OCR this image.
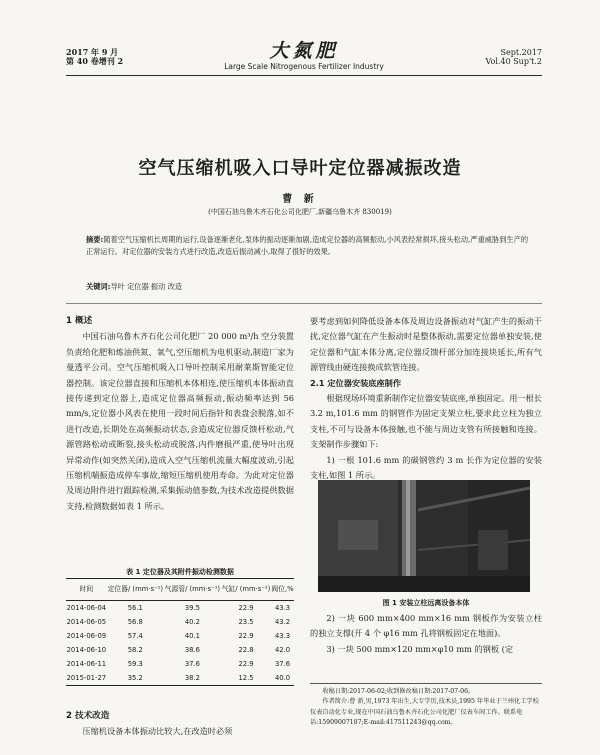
2017 年 9 月
第 40 卷增刊 2	大氮肥
Large Scale Nitrogenous Fertilizer Industry
Sept.2017
Vol.40 Sup't.2
空气压缩机吸入口导叶定位器减振改造
曹 新
(中国石油乌鲁木齐石化公司化肥厂,新疆乌鲁木齐 830019)
摘要:随着空气压缩机长周期的运行,设备逐渐老化,泵体的振动逐渐加剧,造成定位器的高频振动,小风表经常损坏,接头松动,严重威胁到生产的正常运行。对定位器的安装方式进行改造,改造后振动减小,取得了很好的效果。
关键词:导叶 定位器 振动 改造
1 概述
中国石油乌鲁木齐石化公司化肥厂 20 000 m³/h 空分装置负责给化肥和炼油供氮、氧气,空压缩机为电机驱动,制造厂家为曼透平公司。空气压缩机吸入口导叶控制采用耐莱斯智能定位器控制。该定位器直接和压缩机本体相连,使压缩机本体振动直接传递到定位器上,造成定位器高频振动,振动频率达到 56 mm/s,定位器小风表在使用一段时间后指针和表盘会脱落,如不进行改造,长期处在高频振动状态,会造成定位器反馈杆松动,气源管路松动或断裂,接头松动或脱落,内件磨损严重,使导叶出现异常动作(如突然关闭),造成入空气压缩机流量大幅度波动,引起压缩机喘振造成停车事故,缩短压缩机使用寿命。为此对定位器及周边附件进行跟踪检测,采集振动值参数,为技术改造提供数据支持,检测数据如表 1 所示。
表 1 定位器及其附件振动检测数据
时间	定位器/ (mm·s⁻¹)	气源管/ (mm·s⁻¹)	气缸/ (mm·s⁻¹)	阀位,%
2014-06-04	56.1	39.5	22.9	43.3
2014-06-05	56.8	40.2	23.5	43.2
2014-06-09	57.4	40.1	22.9	43.3
2014-06-10	58.2	38.6	22.8	42.0
2014-06-11	59.3	37.6	22.9	37.6
2015-01-27	35.2	38.2	12.5	40.0
2 技术改造
压缩机设备本体振动比较大,在改造时必须
要考虑到如何降低设备本体及周边设备振动对气缸产生的振动干扰,定位器气缸在产生振动时是整体振动,需要定位器单独安装,使定位器和气缸本体分离,定位器反馈杆部分加连接块延长,所有气源管线由硬连接换成软管连接。
2.1 定位器安装底座制作
根据现场环境重新制作定位器安装底座,单独固定。用一根长 3.2 m,101.6 mm 的钢管作为固定支架立柱,要求此立柱为独立支柱,不可与设备本体接触,也不能与周边支管有所接触和连接。支架制作步骤如下:
1) 一根 101.6 mm 的碳钢管约 3 m 长作为定位器的安装支柱,如图 1 所示。
图 1 安装立柱远离设备本体
2) 一块 600 mm×400 mm×16 mm 钢板作为安装立柱的独立支撑(开 4 个 φ16 mm 孔将钢板固定在地面)。
3) 一块 500 mm×120 mm×φ10 mm 的钢板 (定
收稿日期:2017-06-02;收到修改稿日期:2017-07-06。
作者简介:曹 新,男,1973 年出生,大专学历,技术员,1995 年毕业于兰州化工学校仪表自动化专业,现在中国石油乌鲁木齐石化公司化肥厂仪表车间工作。联系电话:15909007187;E-mail:417511243@qq.com。
